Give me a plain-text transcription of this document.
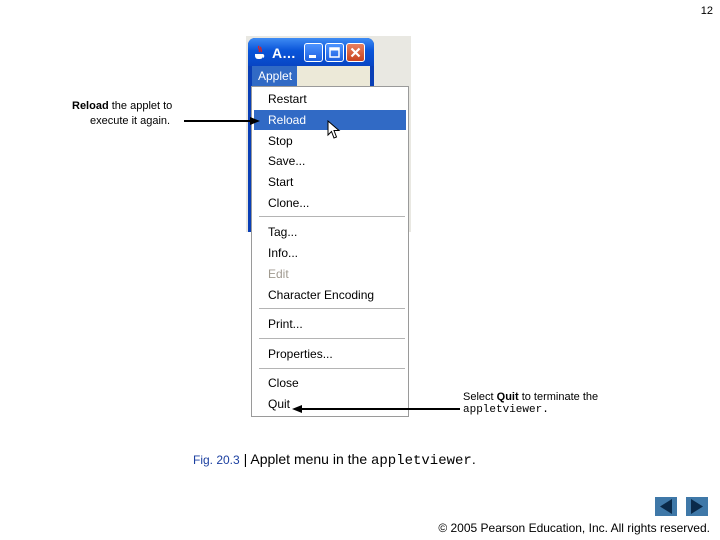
12
A...
Applet
Restart
Reload
Stop
Save...
Start
Clone...
Tag...
Info...
Edit
Character Encoding
Print...
Properties...
Close
Quit
Reload the applet to
execute it again.
Select Quit to terminate the
appletviewer.
Fig. 20.3 | Applet menu in the appletviewer.
© 2005 Pearson Education, Inc. All rights reserved.
